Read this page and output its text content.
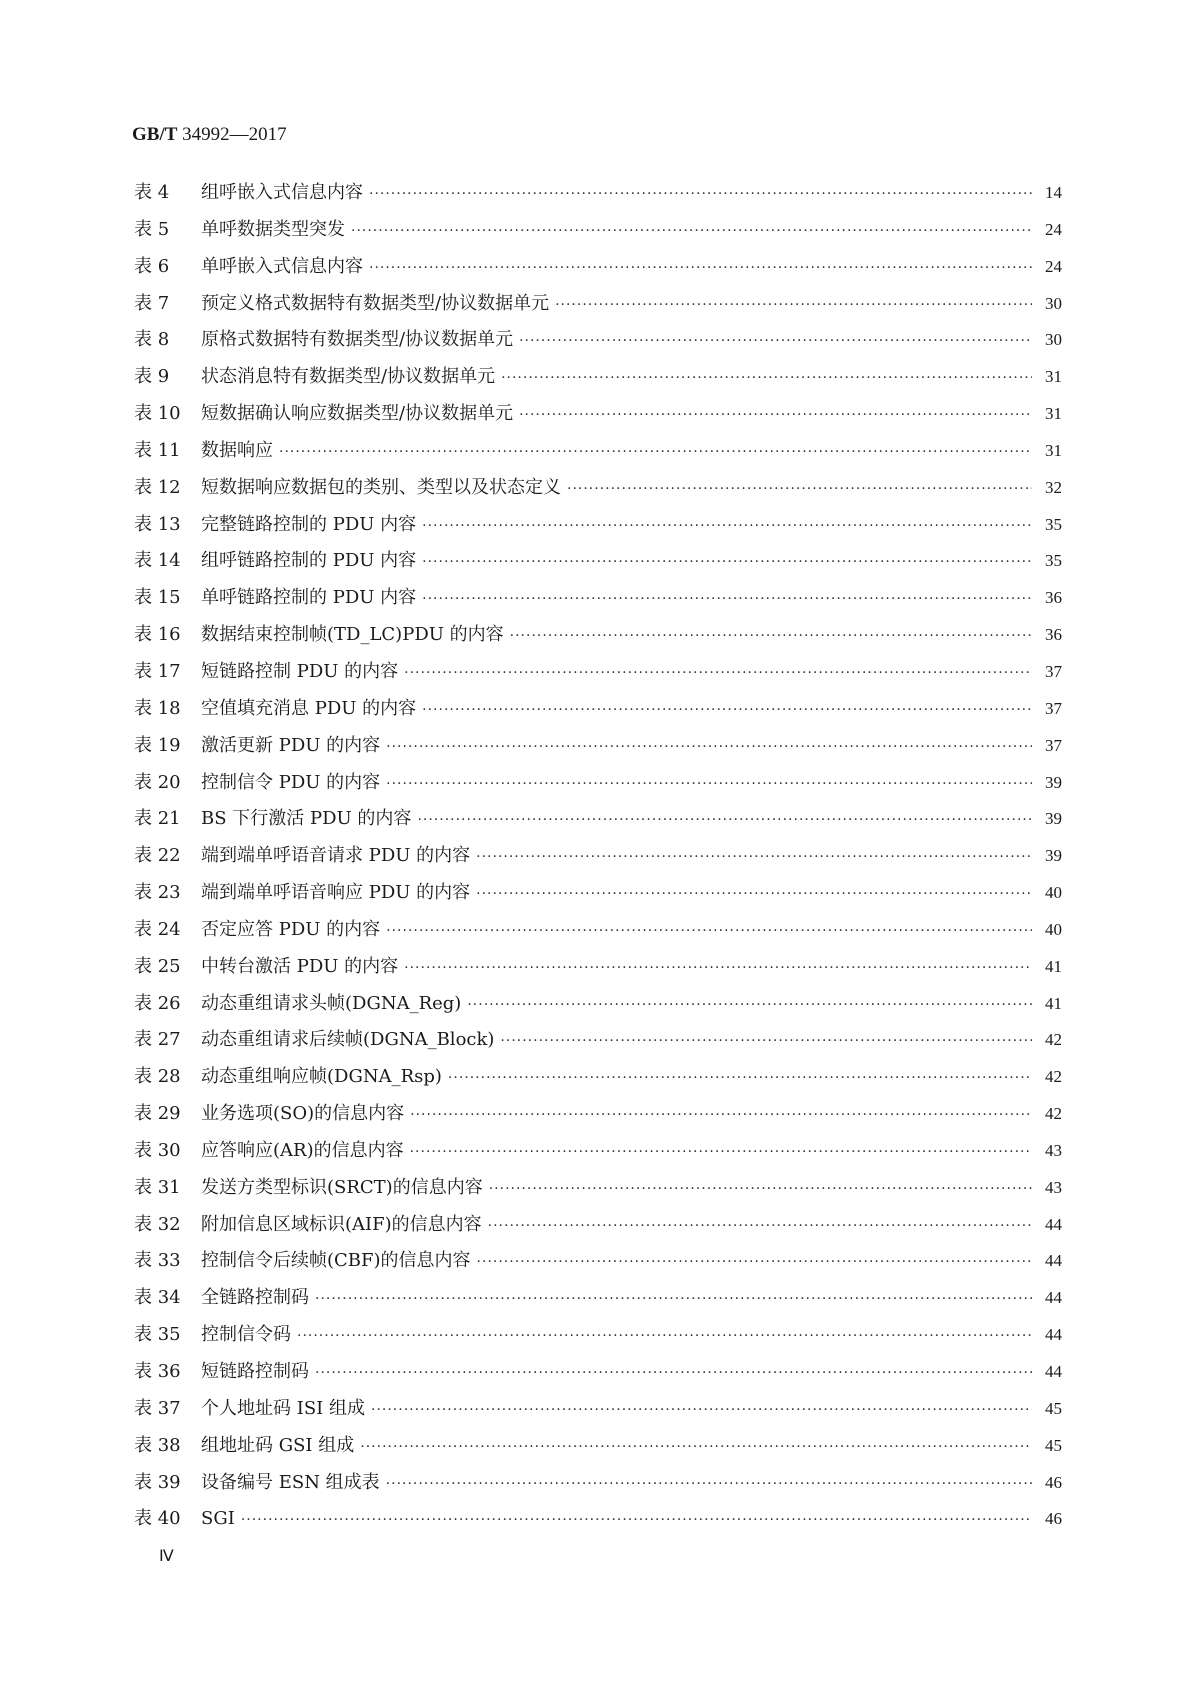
GB/T 34992—2017
表 4	组呼嵌入式信息内容 ·····	14
表 5	单呼数据类型突发 ·····	24
表 6	单呼嵌入式信息内容 ·····	24
表 7	预定义格式数据特有数据类型/协议数据单元 ·····	30
表 8	原格式数据特有数据类型/协议数据单元 ·····	30
表 9	状态消息特有数据类型/协议数据单元 ·····	31
表 10	短数据确认响应数据类型/协议数据单元 ·····	31
表 11	数据响应 ·····	31
表 12	短数据响应数据包的类别、类型以及状态定义 ·····	32
表 13	完整链路控制的 PDU 内容 ·····	35
表 14	组呼链路控制的 PDU 内容 ·····	35
表 15	单呼链路控制的 PDU 内容 ·····	36
表 16	数据结束控制帧(TD_LC)PDU 的内容 ·····	36
表 17	短链路控制 PDU 的内容 ·····	37
表 18	空值填充消息 PDU 的内容 ·····	37
表 19	激活更新 PDU 的内容 ·····	37
表 20	控制信令 PDU 的内容 ·····	39
表 21	BS 下行激活 PDU 的内容 ·····	39
表 22	端到端单呼语音请求 PDU 的内容 ·····	39
表 23	端到端单呼语音响应 PDU 的内容 ·····	40
表 24	否定应答 PDU 的内容 ·····	40
表 25	中转台激活 PDU 的内容 ·····	41
表 26	动态重组请求头帧(DGNA_Reg) ·····	41
表 27	动态重组请求后续帧(DGNA_Block) ·····	42
表 28	动态重组响应帧(DGNA_Rsp) ·····	42
表 29	业务选项(SO)的信息内容 ·····	42
表 30	应答响应(AR)的信息内容 ·····	43
表 31	发送方类型标识(SRCT)的信息内容 ·····	43
表 32	附加信息区域标识(AIF)的信息内容 ·····	44
表 33	控制信令后续帧(CBF)的信息内容 ·····	44
表 34	全链路控制码 ·····	44
表 35	控制信令码 ·····	44
表 36	短链路控制码 ·····	44
表 37	个人地址码 ISI 组成 ·····	45
表 38	组地址码 GSI 组成 ·····	45
表 39	设备编号 ESN 组成表 ·····	46
表 40	SGI ·····	46
Ⅳ
